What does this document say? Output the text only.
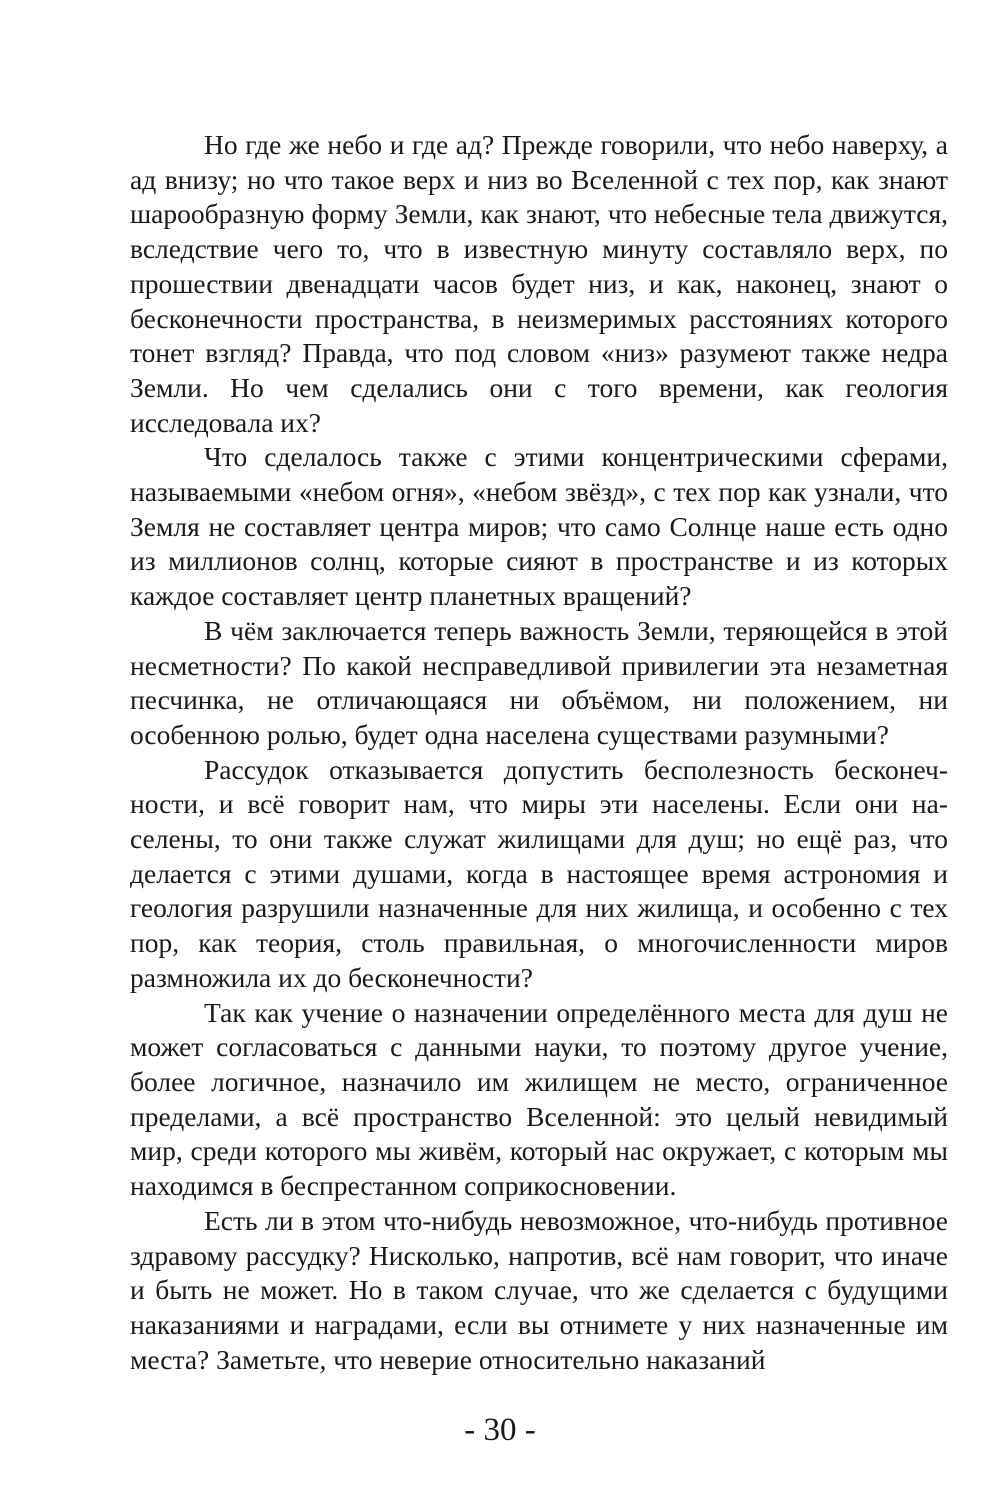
Но где же небо и где ад? Прежде говорили, что небо наверху, а ад внизу; но что такое верх и низ во Вселенной с тех пор, как знают шарообразную форму Земли, как знают, что небесные тела движутся, вследствие чего то, что в известную минуту составляло верх, по прошествии двенадцати часов будет низ, и как, наконец, знают о бесконечности пространства, в неизмеримых расстояниях которого тонет взгляд? Правда, что под словом «низ» разумеют также недра Земли. Но чем сделались они с того времени, как геология исследовала их?

Что сделалось также с этими концентрическими сферами, называемыми «небом огня», «небом звёзд», с тех пор как узнали, что Земля не составляет центра миров; что само Солнце наше есть одно из миллионов солнц, которые сияют в пространстве и из которых каждое составляет центр планетных вращений?

В чём заключается теперь важность Земли, теряющейся в этой несметности? По какой несправедливой привилегии эта незаметная песчинка, не отличающаяся ни объёмом, ни положением, ни особенною ролью, будет одна населена существами разумными?

Рассудок отказывается допустить бесполезность бесконечности, и всё говорит нам, что миры эти населены. Если они населены, то они также служат жилищами для душ; но ещё раз, что делается с этими душами, когда в настоящее время астрономия и геология разрушили назначенные для них жилища, и особенно с тех пор, как теория, столь правильная, о многочисленности миров размножила их до бесконечности?

Так как учение о назначении определённого места для душ не может согласоваться с данными науки, то поэтому другое учение, более логичное, назначило им жилищем не место, ограниченное пределами, а всё пространство Вселенной: это целый невидимый мир, среди которого мы живём, который нас окружает, с которым мы находимся в беспрестанном соприкосновении.

Есть ли в этом что-нибудь невозможное, что-нибудь противное здравому рассудку? Нисколько, напротив, всё нам говорит, что иначе и быть не может. Но в таком случае, что же сделается с будущими наказаниями и наградами, если вы отнимете у них назначенные им места? Заметьте, что неверие относительно наказаний

- 30 -
